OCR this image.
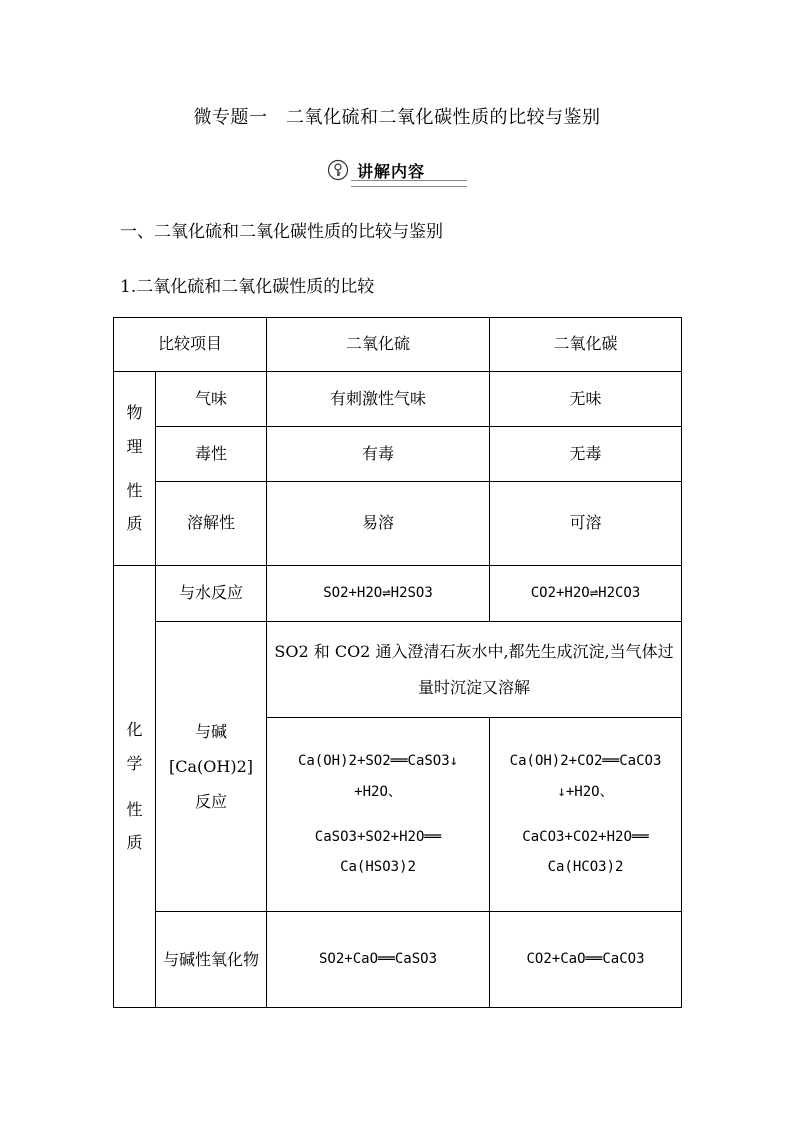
微专题一　二氧化硫和二氧化碳性质的比较与鉴别
讲解内容
一、二氧化硫和二氧化碳性质的比较与鉴别
1.二氧化硫和二氧化碳性质的比较
比较项目		二氧化硫	二氧化碳

物
理
性
质	气味	有刺激性气味	无味
	毒性	有毒	无毒
	溶解性	易溶	可溶

化
学
性
质	与水反应	SO2+H2O⇌H2SO3	CO2+H2O⇌H2CO3

	与碱
[Ca(OH)2]
反应	SO2 和 CO2 通入澄清石灰水中,都先生成沉淀,当气体过量时沉淀又溶解	

		Ca(OH)2+SO2══CaSO3↓
+H2O、
CaSO3+SO2+H2O══
Ca(HSO3)2	Ca(OH)2+CO2══CaCO3
↓+H2O、
CaCO3+CO2+H2O══
Ca(HCO3)2

	与碱性氧化物	SO2+CaO══CaSO3	CO2+CaO══CaCO3
